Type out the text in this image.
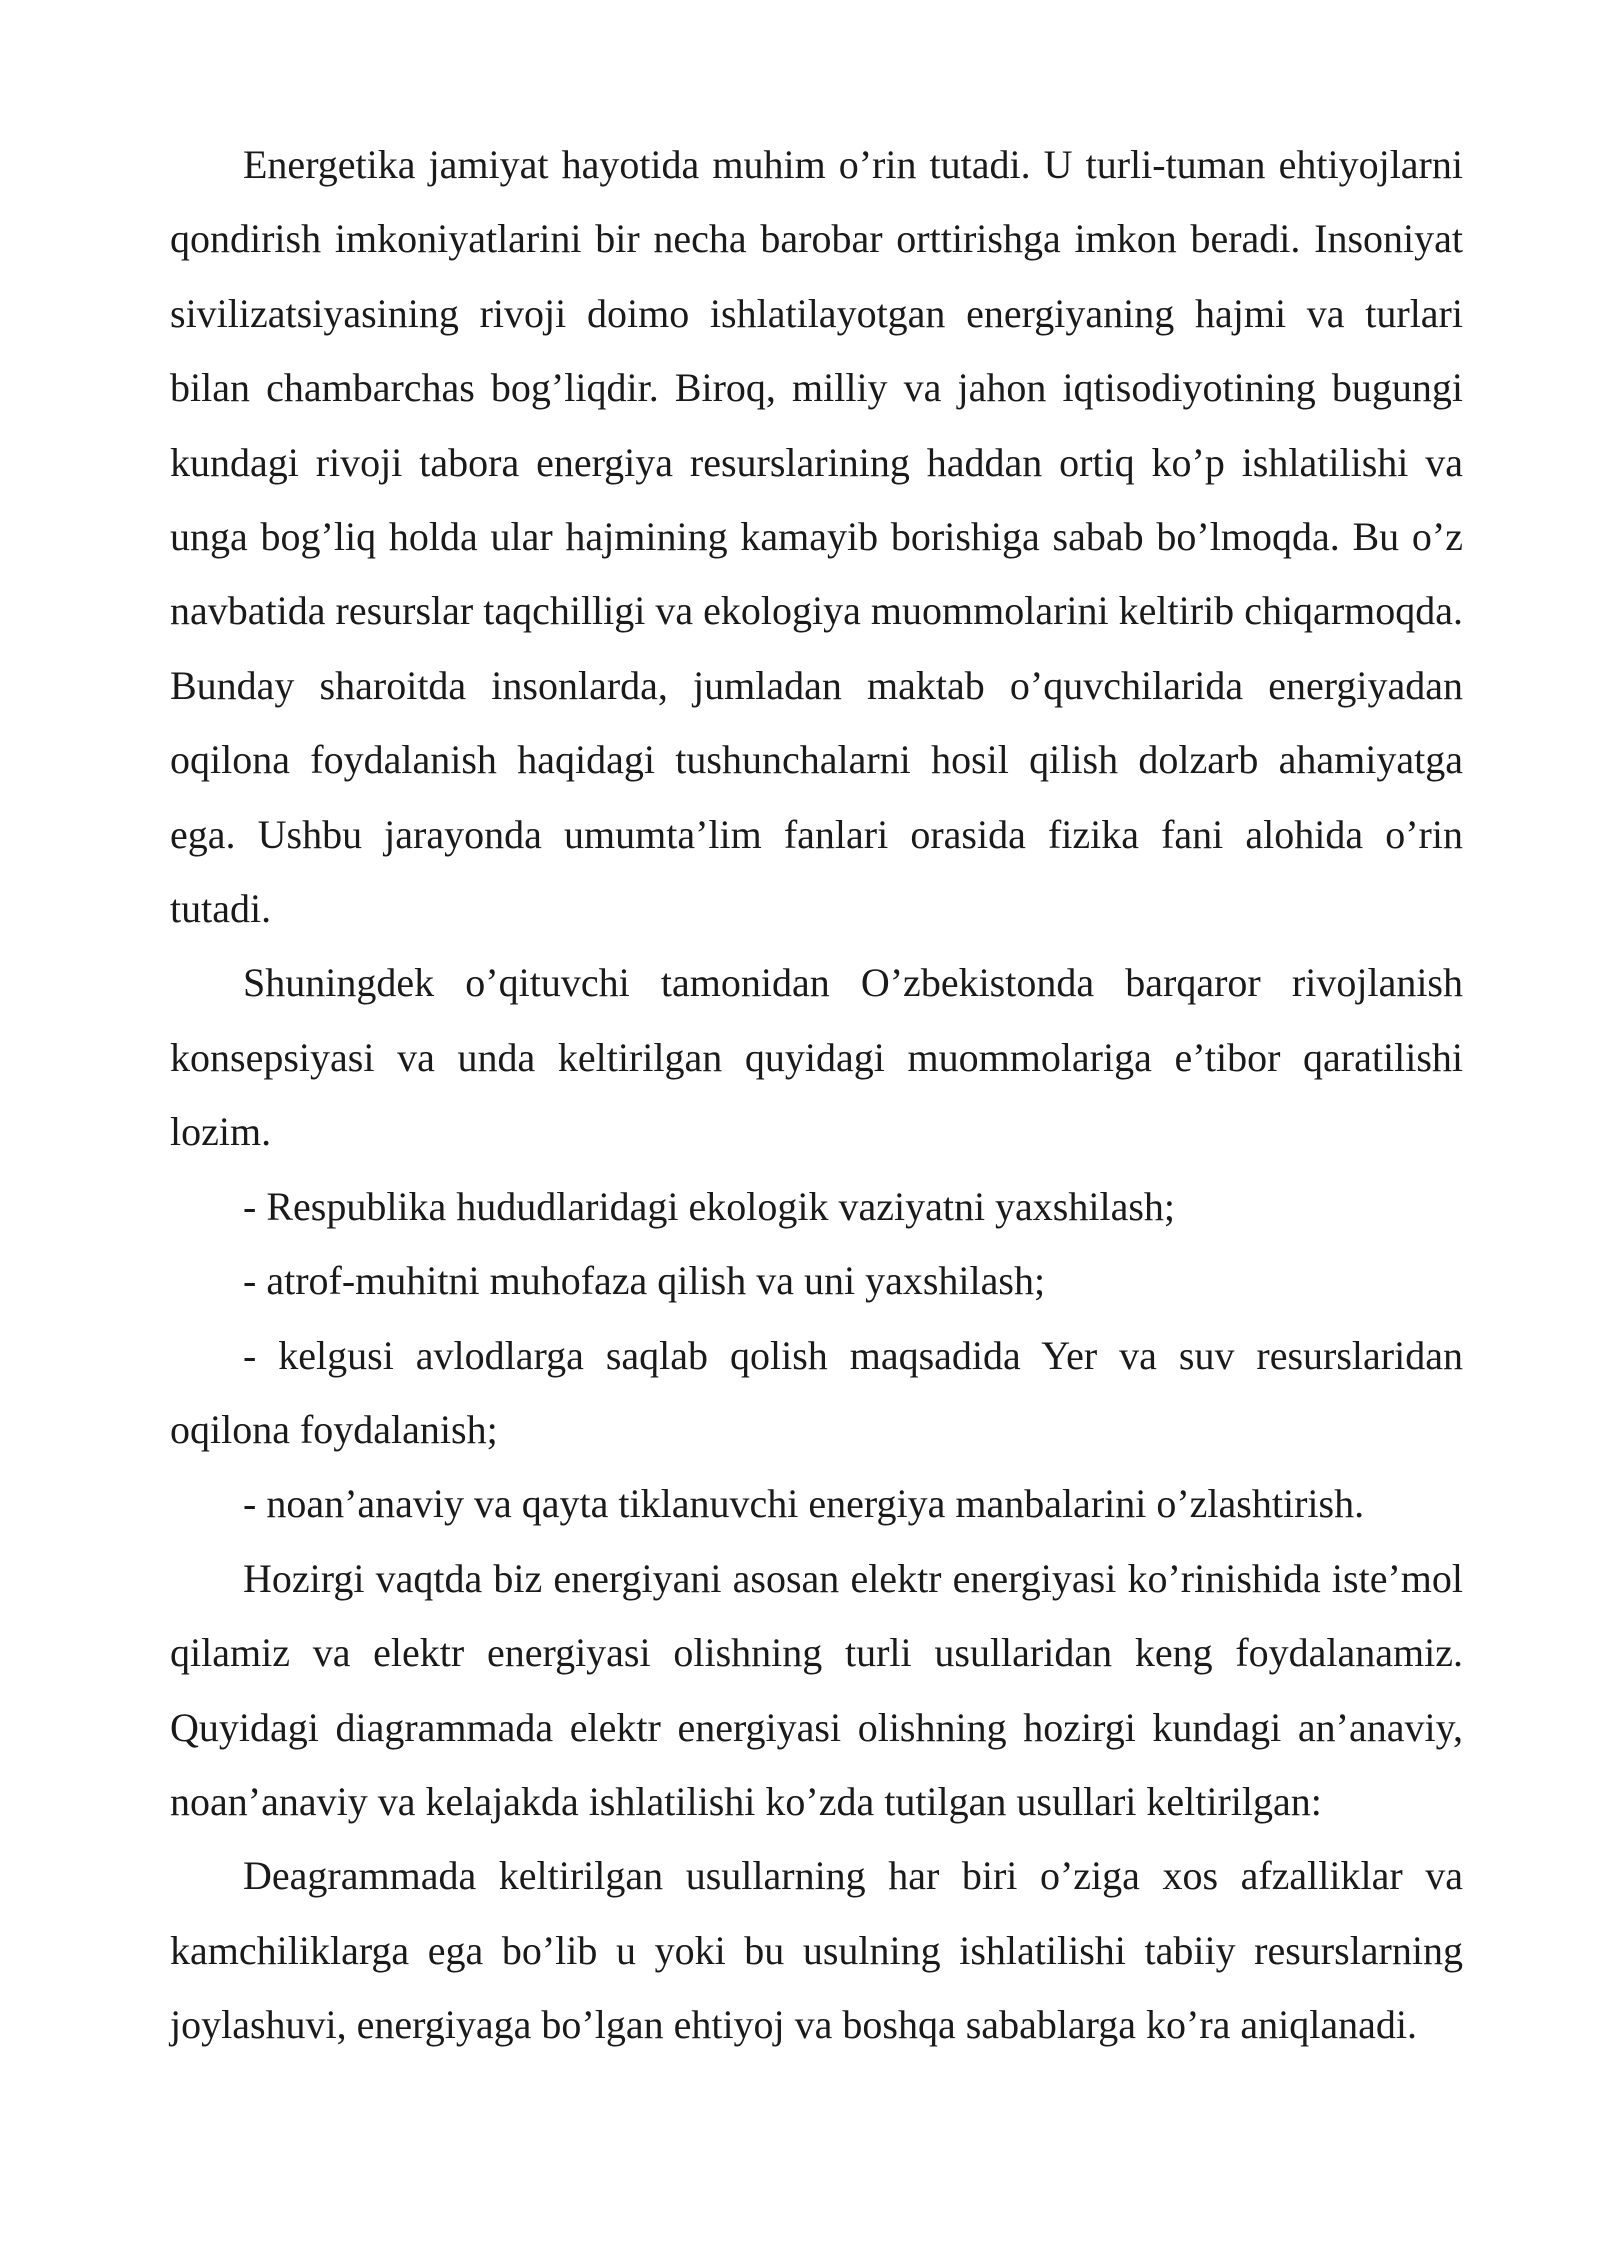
Energetika jamiyat hayotida muhim o’rin tutadi. U turli-tuman ehtiyojlarni qondirish imkoniyatlarini bir necha barobar orttirishga imkon beradi. Insoniyat sivilizatsiyasining rivoji doimo ishlatilayotgan energiyaning hajmi va turlari bilan chambarchas bog’liqdir. Biroq, milliy va jahon iqtisodiyotining bugungi kundagi rivoji tabora energiya resurslarining haddan ortiq ko’p ishlatilishi va unga bog’liq holda ular hajmining kamayib borishiga sabab bo’lmoqda. Bu o’z navbatida resurslar taqchilligi va ekologiya muommolarini keltirib chiqarmoqda. Bunday sharoitda insonlarda, jumladan maktab o’quvchilarida energiyadan oqilona foydalanish haqidagi tushunchalarni hosil qilish dolzarb ahamiyatga ega. Ushbu jarayonda umumta’lim fanlari orasida fizika fani alohida o’rin tutadi.

Shuningdek o’qituvchi tamonidan O’zbekistonda barqaror rivojlanish konsepsiyasi va unda keltirilgan quyidagi muommolariga e’tibor qaratilishi lozim.

- Respublika hududlaridagi ekologik vaziyatni yaxshilash;

- atrof-muhitni muhofaza qilish va uni yaxshilash;

- kelgusi avlodlarga saqlab qolish maqsadida Yer va suv resurslaridan oqilona foydalanish;

- noan’anaviy va qayta tiklanuvchi energiya manbalarini o’zlashtirish.

Hozirgi vaqtda biz energiyani asosan elektr energiyasi ko’rinishida iste’mol qilamiz va elektr energiyasi olishning turli usullaridan keng foydalanamiz. Quyidagi diagrammada elektr energiyasi olishning hozirgi kundagi an’anaviy, noan’anaviy va kelajakda ishlatilishi ko’zda tutilgan usullari keltirilgan:

Deagrammada keltirilgan usullarning har biri o’ziga xos afzalliklar va kamchiliklarga ega bo’lib u yoki bu usulning ishlatilishi tabiiy resurslarning joylashuvi, energiyaga bo’lgan ehtiyoj va boshqa sabablarga ko’ra aniqlanadi.
